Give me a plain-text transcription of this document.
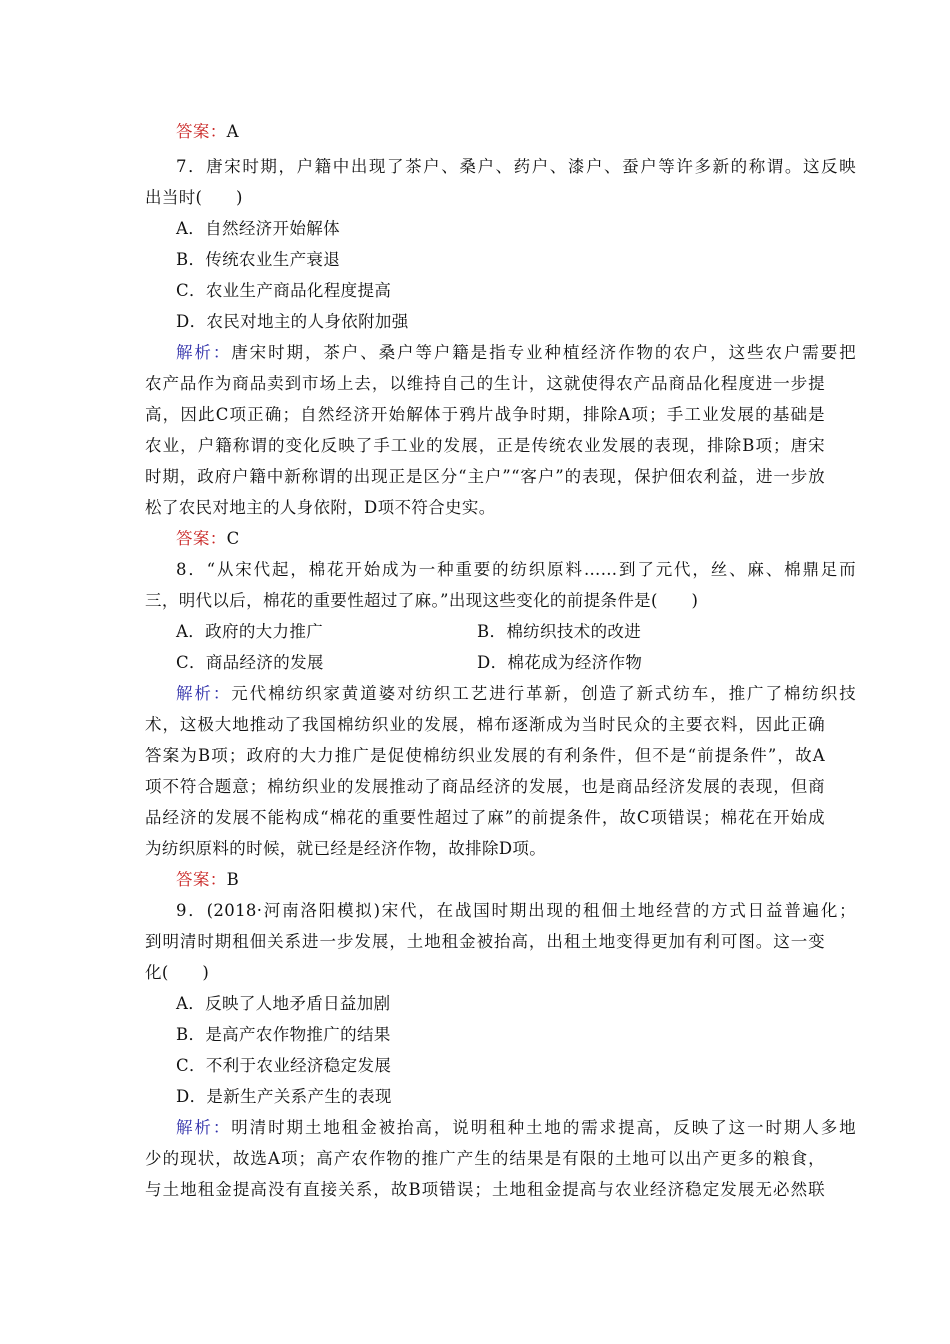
答案：A
7．唐宋时期，户籍中出现了茶户、桑户、药户、漆户、蚕户等许多新的称谓。这反映
出当时(　　)
A．自然经济开始解体
B．传统农业生产衰退
C．农业生产商品化程度提高
D．农民对地主的人身依附加强
解析：唐宋时期，茶户、桑户等户籍是指专业种植经济作物的农户，这些农户需要把
农产品作为商品卖到市场上去，以维持自己的生计，这就使得农产品商品化程度进一步提
高，因此C项正确；自然经济开始解体于鸦片战争时期，排除A项；手工业发展的基础是
农业，户籍称谓的变化反映了手工业的发展，正是传统农业发展的表现，排除B项；唐宋
时期，政府户籍中新称谓的出现正是区分“主户”“客户”的表现，保护佃农利益，进一步放
松了农民对地主的人身依附，D项不符合史实。
答案：C
8．“从宋代起，棉花开始成为一种重要的纺织原料……到了元代，丝、麻、棉鼎足而
三，明代以后，棉花的重要性超过了麻。”出现这些变化的前提条件是(　　)
A．政府的大力推广	B．棉纺织技术的改进
C．商品经济的发展	D．棉花成为经济作物
解析：元代棉纺织家黄道婆对纺织工艺进行革新，创造了新式纺车，推广了棉纺织技
术，这极大地推动了我国棉纺织业的发展，棉布逐渐成为当时民众的主要衣料，因此正确
答案为B项；政府的大力推广是促使棉纺织业发展的有利条件，但不是“前提条件”，故A
项不符合题意；棉纺织业的发展推动了商品经济的发展，也是商品经济发展的表现，但商
品经济的发展不能构成“棉花的重要性超过了麻”的前提条件，故C项错误；棉花在开始成
为纺织原料的时候，就已经是经济作物，故排除D项。
答案：B
9．(2018·河南洛阳模拟)宋代，在战国时期出现的租佃土地经营的方式日益普遍化；
到明清时期租佃关系进一步发展，土地租金被抬高，出租土地变得更加有利可图。这一变
化(　　)
A．反映了人地矛盾日益加剧
B．是高产农作物推广的结果
C．不利于农业经济稳定发展
D．是新生产关系产生的表现
解析：明清时期土地租金被抬高，说明租种土地的需求提高，反映了这一时期人多地
少的现状，故选A项；高产农作物的推广产生的结果是有限的土地可以出产更多的粮食，
与土地租金提高没有直接关系，故B项错误；土地租金提高与农业经济稳定发展无必然联
